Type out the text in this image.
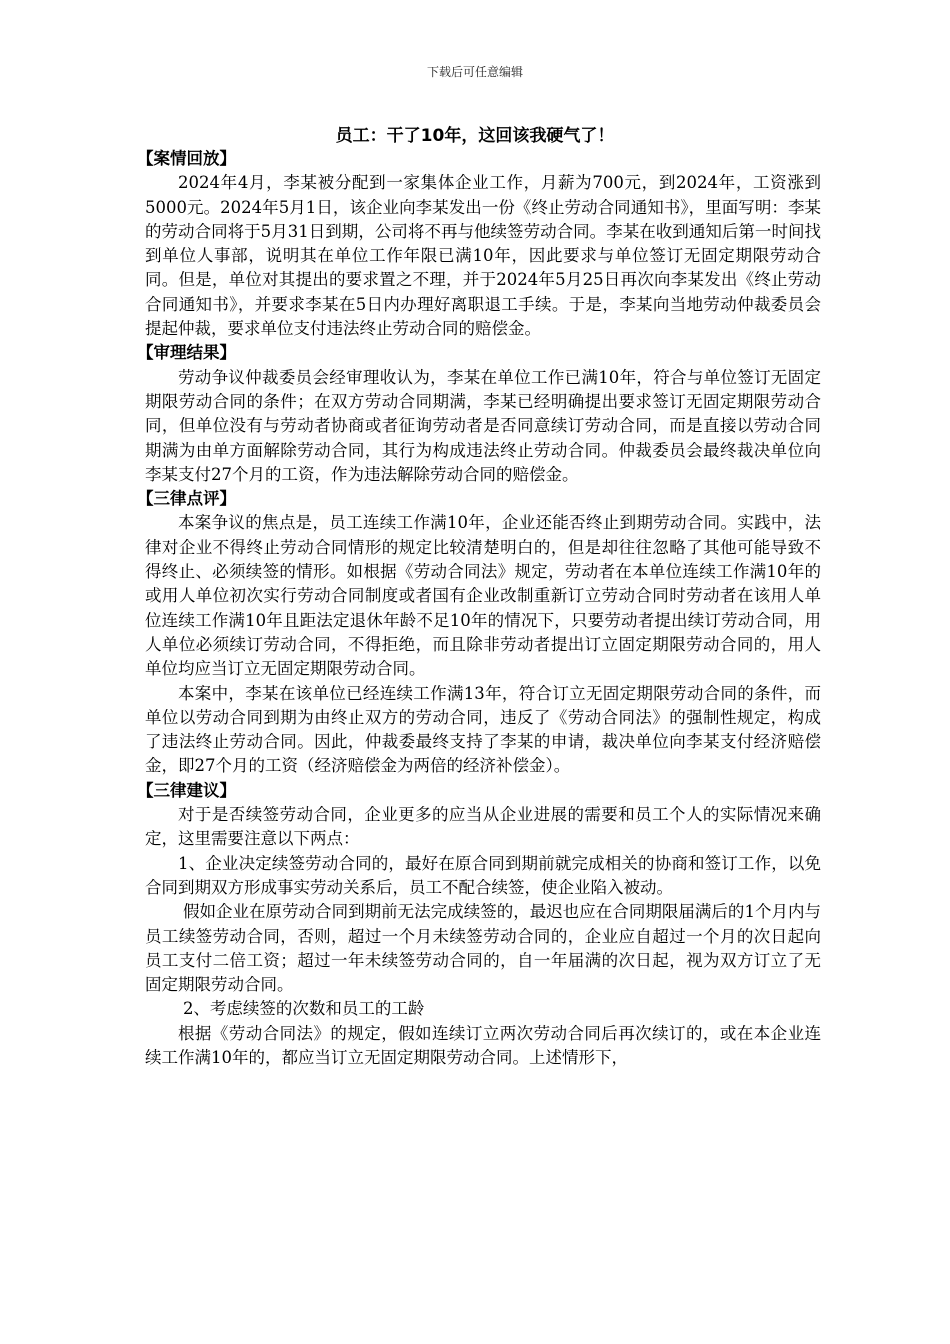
下载后可任意编辑
员工：干了10年，这回该我硬气了！

【案情回放】

2024年4月，李某被分配到一家集体企业工作，月薪为700元，到2024年，工资涨到5000元。2024年5月1日，该企业向李某发出一份《终止劳动合同通知书》，里面写明：李某的劳动合同将于5月31日到期，公司将不再与他续签劳动合同。李某在收到通知后第一时间找到单位人事部，说明其在单位工作年限已满10年，因此要求与单位签订无固定期限劳动合同。但是，单位对其提出的要求置之不理，并于2024年5月25日再次向李某发出《终止劳动合同通知书》，并要求李某在5日内办理好离职退工手续。于是，李某向当地劳动仲裁委员会提起仲裁，要求单位支付违法终止劳动合同的赔偿金。

【审理结果】

劳动争议仲裁委员会经审理收认为，李某在单位工作已满10年，符合与单位签订无固定期限劳动合同的条件；在双方劳动合同期满，李某已经明确提出要求签订无固定期限劳动合同，但单位没有与劳动者协商或者征询劳动者是否同意续订劳动合同，而是直接以劳动合同期满为由单方面解除劳动合同，其行为构成违法终止劳动合同。仲裁委员会最终裁决单位向李某支付27个月的工资，作为违法解除劳动合同的赔偿金。

【三律点评】

本案争议的焦点是，员工连续工作满10年，企业还能否终止到期劳动合同。实践中，法律对企业不得终止劳动合同情形的规定比较清楚明白的，但是却往往忽略了其他可能导致不得终止、必须续签的情形。如根据《劳动合同法》规定，劳动者在本单位连续工作满10年的或用人单位初次实行劳动合同制度或者国有企业改制重新订立劳动合同时劳动者在该用人单位连续工作满10年且距法定退休年龄不足10年的情况下，只要劳动者提出续订劳动合同，用人单位必须续订劳动合同，不得拒绝，而且除非劳动者提出订立固定期限劳动合同的，用人单位均应当订立无固定期限劳动合同。

本案中，李某在该单位已经连续工作满13年，符合订立无固定期限劳动合同的条件，而单位以劳动合同到期为由终止双方的劳动合同，违反了《劳动合同法》的强制性规定，构成了违法终止劳动合同。因此，仲裁委最终支持了李某的申请，裁决单位向李某支付经济赔偿金，即27个月的工资（经济赔偿金为两倍的经济补偿金）。

【三律建议】

对于是否续签劳动合同，企业更多的应当从企业进展的需要和员工个人的实际情况来确定，这里需要注意以下两点：

1、企业决定续签劳动合同的，最好在原合同到期前就完成相关的协商和签订工作，以免合同到期双方形成事实劳动关系后，员工不配合续签，使企业陷入被动。

假如企业在原劳动合同到期前无法完成续签的，最迟也应在合同期限届满后的1个月内与员工续签劳动合同，否则，超过一个月未续签劳动合同的，企业应自超过一个月的次日起向员工支付二倍工资；超过一年未续签劳动合同的，自一年届满的次日起，视为双方订立了无固定期限劳动合同。

2、考虑续签的次数和员工的工龄

根据《劳动合同法》的规定，假如连续订立两次劳动合同后再次续订的，或在本企业连续工作满10年的，都应当订立无固定期限劳动合同。上述情形下，
